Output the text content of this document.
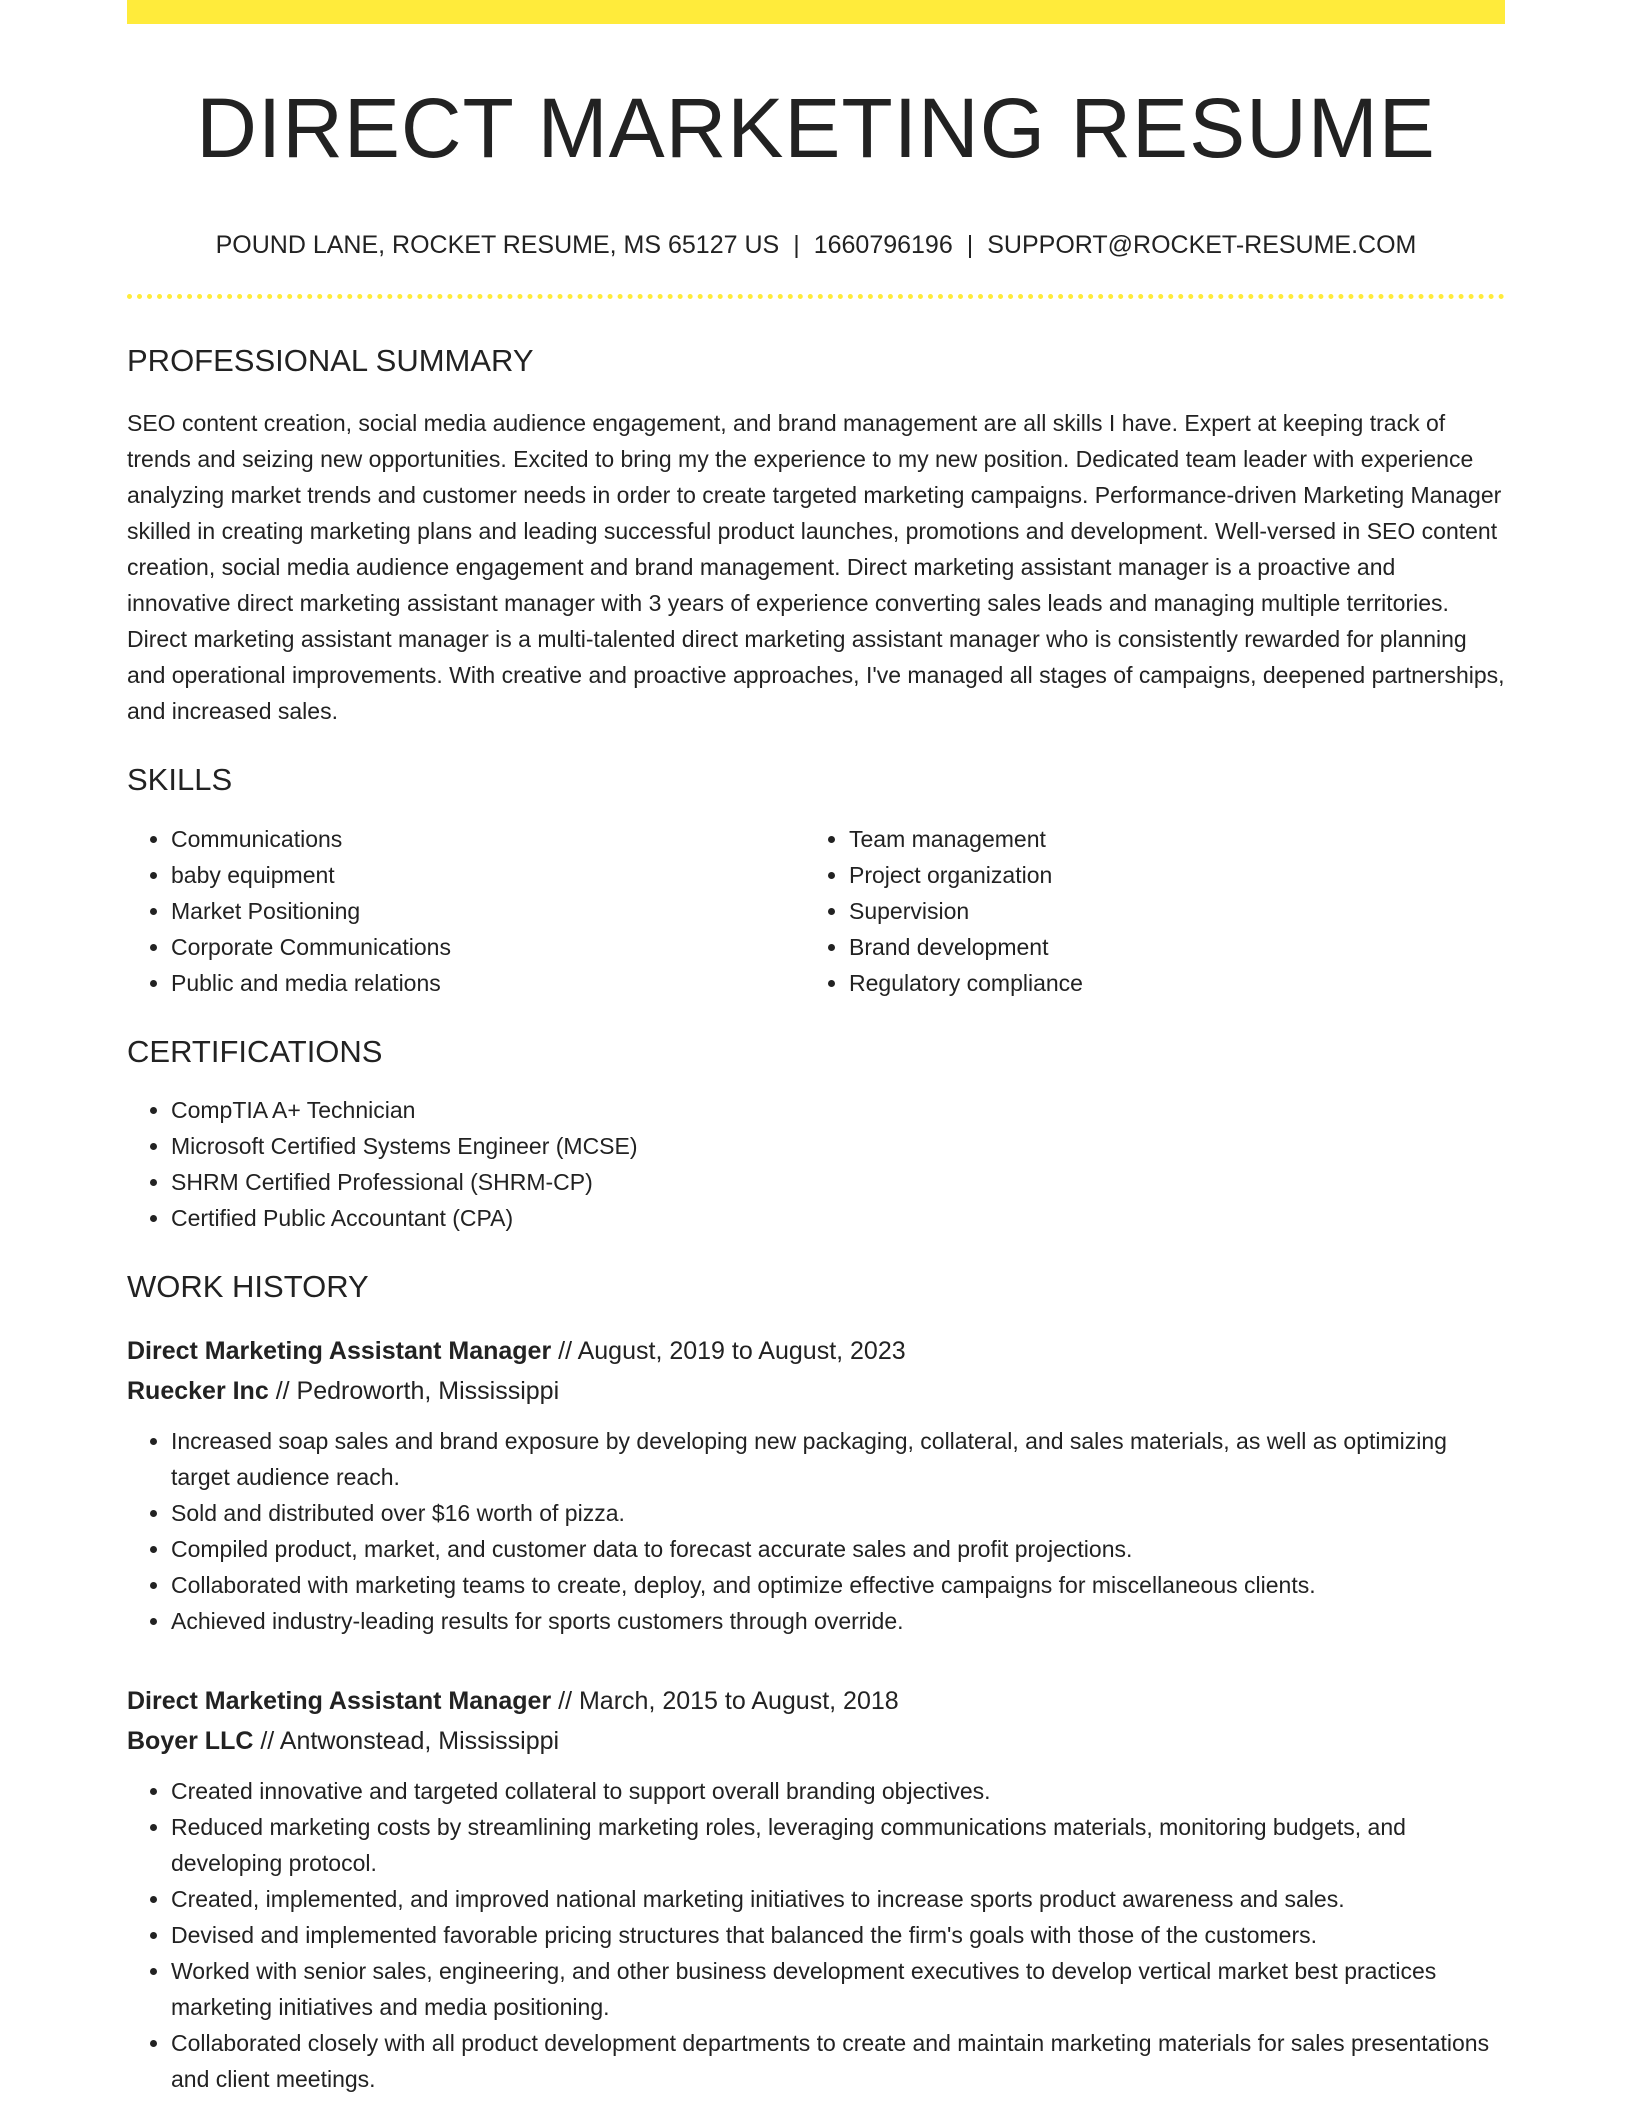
DIRECT MARKETING RESUME
POUND LANE, ROCKET RESUME, MS 65127 US | 1660796196 | SUPPORT@ROCKET-RESUME.COM
PROFESSIONAL SUMMARY
SEO content creation, social media audience engagement, and brand management are all skills I have. Expert at keeping track of trends and seizing new opportunities. Excited to bring my the experience to my new position. Dedicated team leader with experience analyzing market trends and customer needs in order to create targeted marketing campaigns. Performance-driven Marketing Manager skilled in creating marketing plans and leading successful product launches, promotions and development. Well-versed in SEO content creation, social media audience engagement and brand management. Direct marketing assistant manager is a proactive and innovative direct marketing assistant manager with 3 years of experience converting sales leads and managing multiple territories. Direct marketing assistant manager is a multi-talented direct marketing assistant manager who is consistently rewarded for planning and operational improvements. With creative and proactive approaches, I've managed all stages of campaigns, deepened partnerships, and increased sales.
SKILLS
• Communications
• baby equipment
• Market Positioning
• Corporate Communications
• Public and media relations
• Team management
• Project organization
• Supervision
• Brand development
• Regulatory compliance
CERTIFICATIONS
• CompTIA A+ Technician
• Microsoft Certified Systems Engineer (MCSE)
• SHRM Certified Professional (SHRM-CP)
• Certified Public Accountant (CPA)
WORK HISTORY
Direct Marketing Assistant Manager // August, 2019 to August, 2023
Ruecker Inc // Pedroworth, Mississippi
• Increased soap sales and brand exposure by developing new packaging, collateral, and sales materials, as well as optimizing target audience reach.
• Sold and distributed over $16 worth of pizza.
• Compiled product, market, and customer data to forecast accurate sales and profit projections.
• Collaborated with marketing teams to create, deploy, and optimize effective campaigns for miscellaneous clients.
• Achieved industry-leading results for sports customers through override.
Direct Marketing Assistant Manager // March, 2015 to August, 2018
Boyer LLC // Antwonstead, Mississippi
• Created innovative and targeted collateral to support overall branding objectives.
• Reduced marketing costs by streamlining marketing roles, leveraging communications materials, monitoring budgets, and developing protocol.
• Created, implemented, and improved national marketing initiatives to increase sports product awareness and sales.
• Devised and implemented favorable pricing structures that balanced the firm's goals with those of the customers.
• Worked with senior sales, engineering, and other business development executives to develop vertical market best practices marketing initiatives and media positioning.
• Collaborated closely with all product development departments to create and maintain marketing materials for sales presentations and client meetings.
